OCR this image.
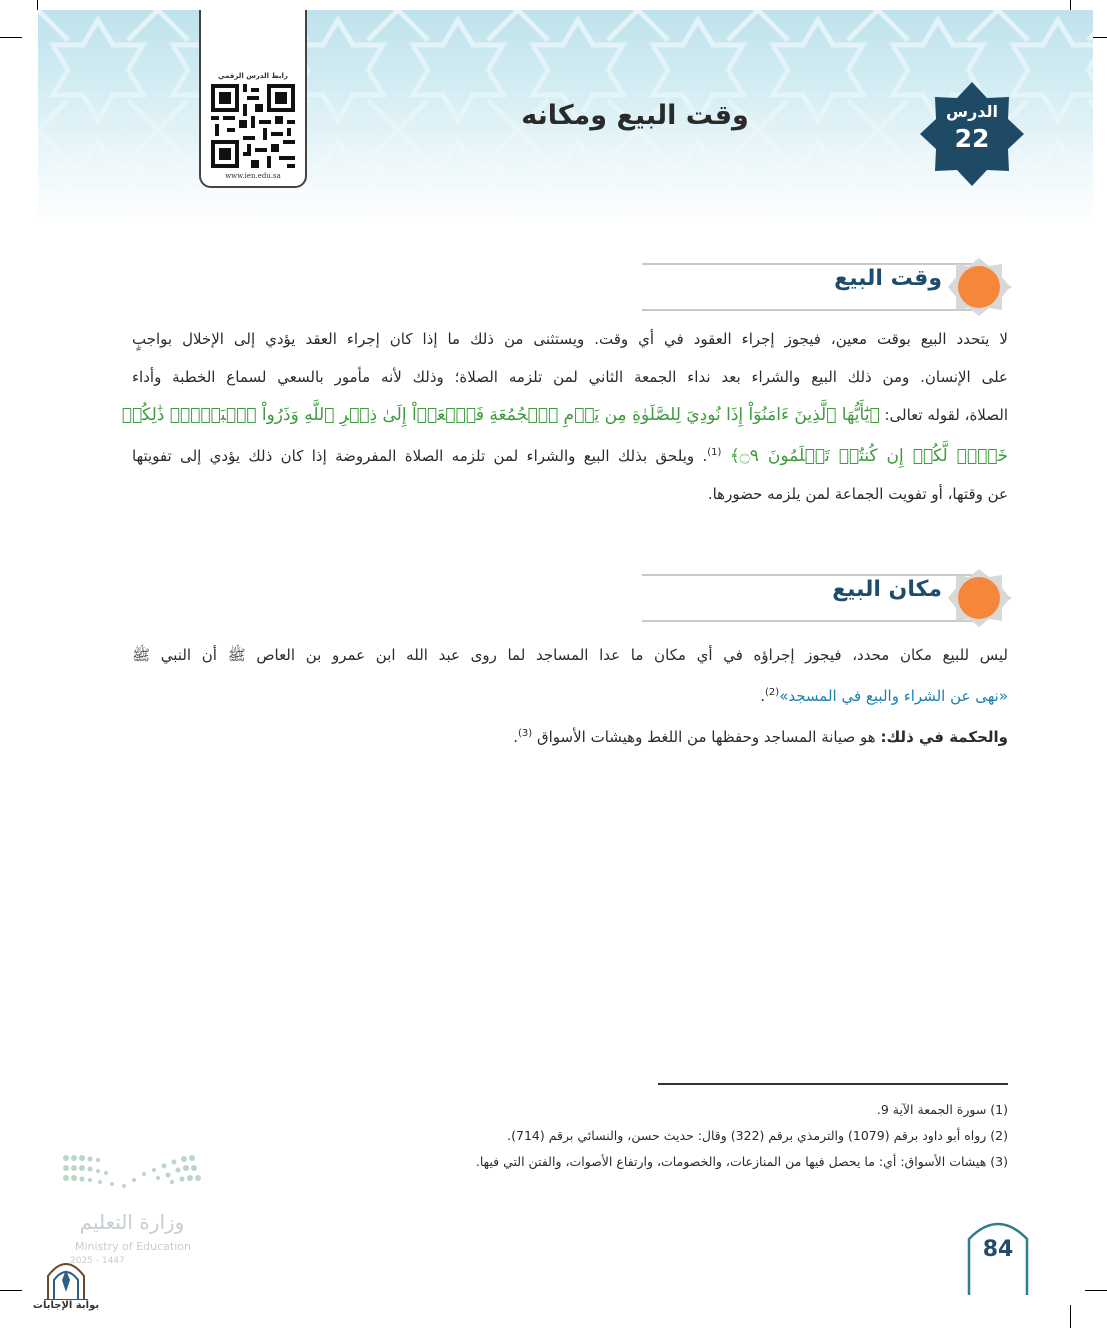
رابط الدرس الرقمي
www.ien.edu.sa
وقت البيع ومكانه	الدرس
22
وقت البيع
لا يتحدد البيع بوقت معين، فيجوز إجراء العقود في أي وقت. ويستثنى من ذلك ما إذا كان إجراء العقد يؤدي إلى الإخلال بواجبٍ
على الإنسان. ومن ذلك البيع والشراء بعد نداء الجمعة الثاني لمن تلزمه الصلاة؛ وذلك لأنه مأمور بالسعي لسماع الخطبة وأداء
الصلاة، لقوله تعالى: ﴿يَٰٓأَيُّهَا ٱلَّذِينَ ءَامَنُوٓاْ إِذَا نُودِيَ لِلصَّلَوٰةِ مِن يَوۡمِ ٱلۡجُمُعَةِ فَٱسۡعَوۡاْ إِلَىٰ ذِكۡرِ ٱللَّهِ وَذَرُواْ ٱلۡبَيۡعَۚ ذَٰلِكُمۡ
خَيۡرٞ لَّكُمۡ إِن كُنتُمۡ تَعۡلَمُونَ ۝٩﴾ $^{(1)}$. ويلحق بذلك البيع والشراء لمن تلزمه الصلاة المفروضة إذا كان ذلك يؤدي إلى تفويتها
عن وقتها، أو تفويت الجماعة لمن يلزمه حضورها.
مكان البيع
ليس للبيع مكان محدد، فيجوز إجراؤه في أي مكان ما عدا المساجد لما روى عبد الله ابن عمرو بن العاص ﷺ أن النبي ﷺ
«نهى عن الشراء والبيع في المسجد»$^{(2)}$.
والحكمة في ذلك: هو صيانة المساجد وحفظها من اللغط وهيشات الأسواق $^{(3)}$.
(1) سورة الجمعة الآية 9.
(2) رواه أبو داود برقم (1079) والترمذي برقم (322) وقال: حديث حسن، والنسائي برقم (714).
(3) هيشات الأسواق: أي: ما يحصل فيها من المنازعات، والخصومات، وارتفاع الأصوات، والفتن التي فيها.
وزارة التعليم
Ministry of Education
2025 - 1447	84
بوابة الإجابات
